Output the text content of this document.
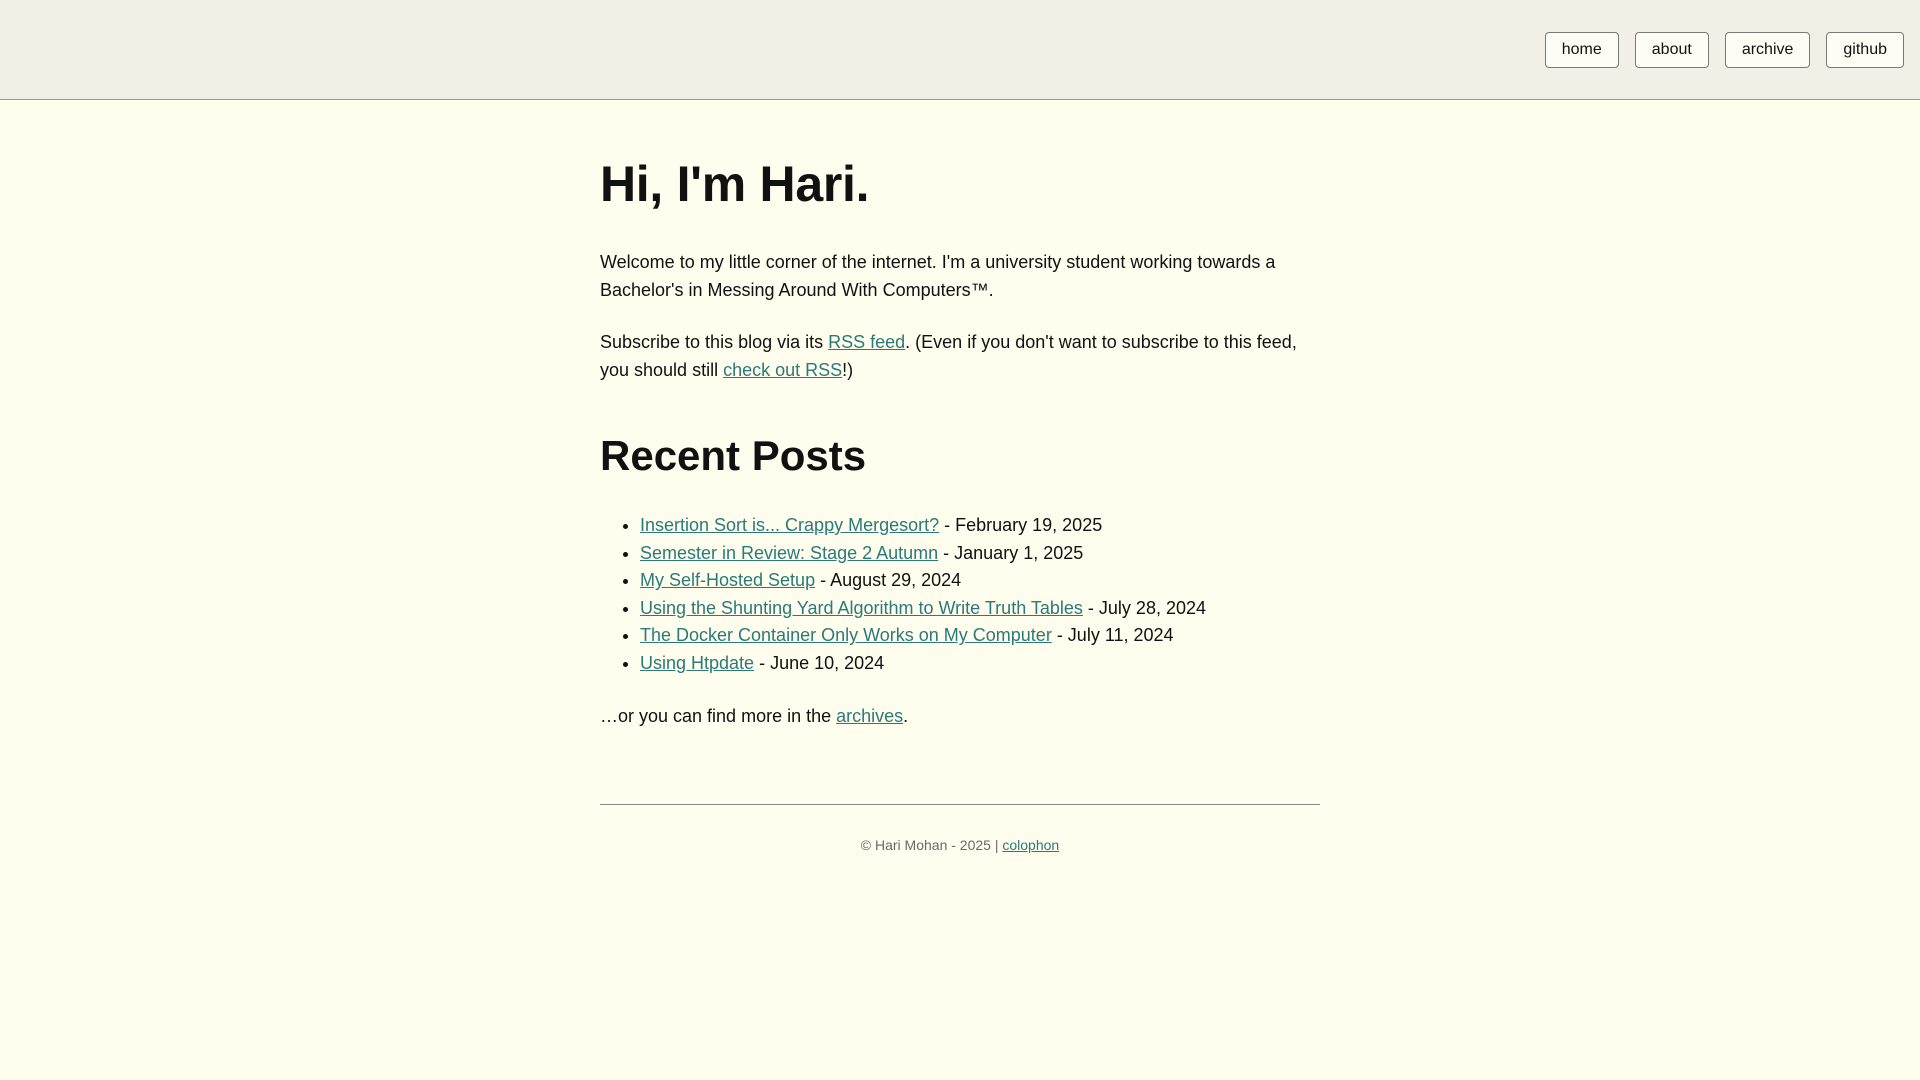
home	about	archive	github
Hi, I'm Hari.

Welcome to my little corner of the internet. I'm a university student working towards a Bachelor's in Messing Around With Computers™.

Subscribe to this blog via its RSS feed. (Even if you don't want to subscribe to this feed, you should still check out RSS!)

Recent Posts
• Insertion Sort is... Crappy Mergesort? - February 19, 2025
• Semester in Review: Stage 2 Autumn - January 1, 2025
• My Self-Hosted Setup - August 29, 2024
• Using the Shunting Yard Algorithm to Write Truth Tables - July 28, 2024
• The Docker Container Only Works on My Computer - July 11, 2024
• Using Htpdate - June 10, 2024

…or you can find more in the archives.

© Hari Mohan - 2025 | colophon
